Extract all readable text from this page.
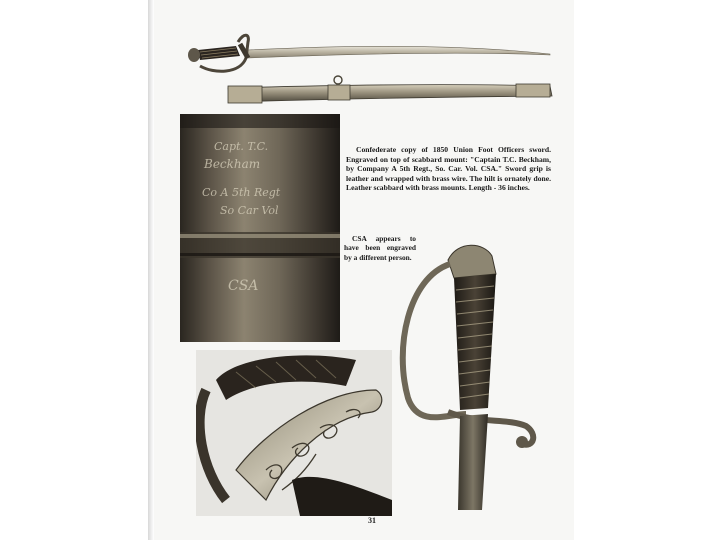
Capt. T.C.
Beckham
Co A 5th Regt
So Car Vol
CSA

Confederate copy of 1850 Union Foot Officers sword. Engraved on top of scabbard mount: "Captain T.C. Beckham, by Company A 5th Regt., So. Car. Vol. CSA." Sword grip is leather and wrapped with brass wire. The hilt is ornately done. Leather scabbard with brass mounts. Length - 36 inches.

CSA appears to have been engraved by a different person.

31
